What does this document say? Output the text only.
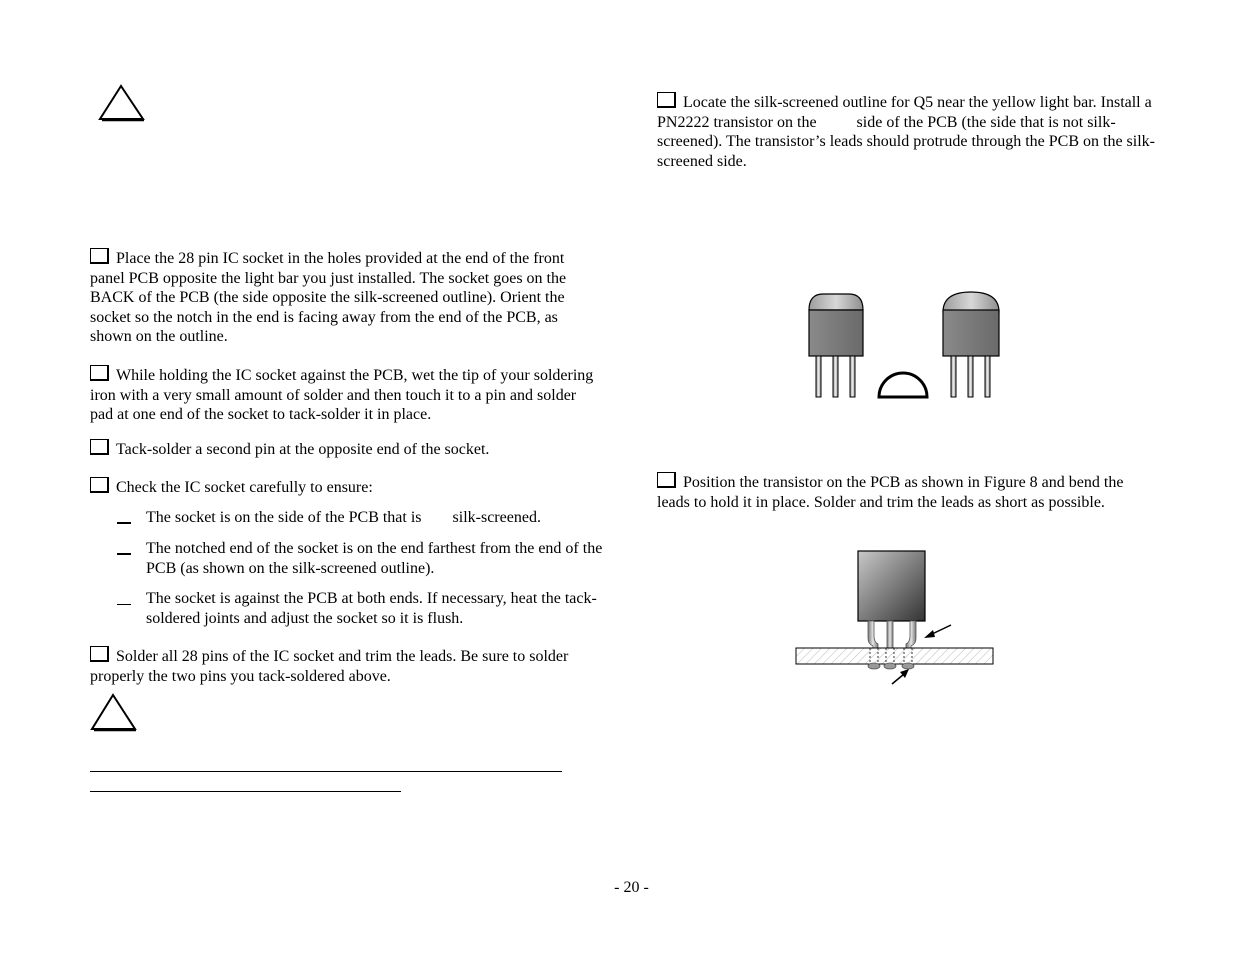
Place the 28 pin IC socket in the holes provided at the end of the front panel PCB opposite the light bar you just installed. The socket goes on the BACK of the PCB (the side opposite the silk-screened outline). Orient the socket so the notch in the end is facing away from the end of the PCB, as shown on the outline.

While holding the IC socket against the PCB, wet the tip of your soldering iron with a very small amount of solder and then touch it to a pin and solder pad at one end of the socket to tack-solder it in place.

Tack-solder a second pin at the opposite end of the socket.

Check the IC socket carefully to ensure:

The socket is on the side of the PCB that is silk-screened.

The notched end of the socket is on the end farthest from the end of the PCB (as shown on the silk-screened outline).

The socket is against the PCB at both ends. If necessary, heat the tack-soldered joints and adjust the socket so it is flush.

Solder all 28 pins of the IC socket and trim the leads. Be sure to solder properly the two pins you tack-soldered above.

Locate the silk-screened outline for Q5 near the yellow light bar. Install a PN2222 transistor on the	side of the PCB (the side that is not silk-screened). The transistor’s leads should protrude through the PCB on the silk-screened side.

Position the transistor on the PCB as shown in Figure 8 and bend the leads to hold it in place. Solder and trim the leads as short as possible.

- 20 -
